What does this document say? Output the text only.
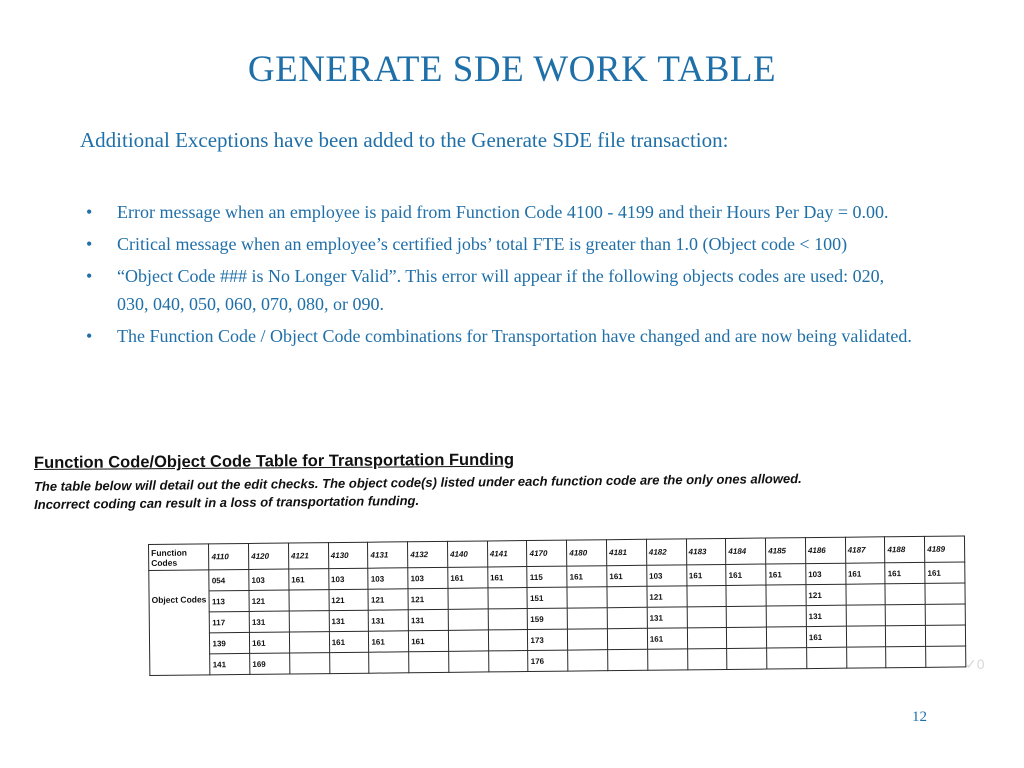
GENERATE SDE WORK TABLE
Additional Exceptions have been added to the Generate SDE file transaction:
• Error message when an employee is paid from Function Code 4100 - 4199 and their Hours Per Day = 0.00.
• Critical message when an employee’s certified jobs’ total FTE is greater than 1.0 (Object code < 100)
• “Object Code ### is No Longer Valid”. This error will appear if the following objects codes are used: 020, 030, 040, 050, 060, 070, 080, or 090.
• The Function Code / Object Code combinations for Transportation have changed and are now being validated.
Function Code/Object Code Table for Transportation Funding
The table below will detail out the edit checks. The object code(s) listed under each function code are the only ones allowed.
Incorrect coding can result in a loss of transportation funding.
Function Codes	4110	4120	4121	4130	4131	4132	4140	4141	4170	4180	4181	4182	4183	4184	4185	4186	4187	4188	4189
Object Codes	054	103	161	103	103	103	161	161	115	161	161	103	161	161	161	103	161	161	161
	113	121		121	121	121			151			121				121			
	117	131		131	131	131			159			131				131			
	139	161		161	161	161			173			161				161			
	141	169							176											✓0
12
